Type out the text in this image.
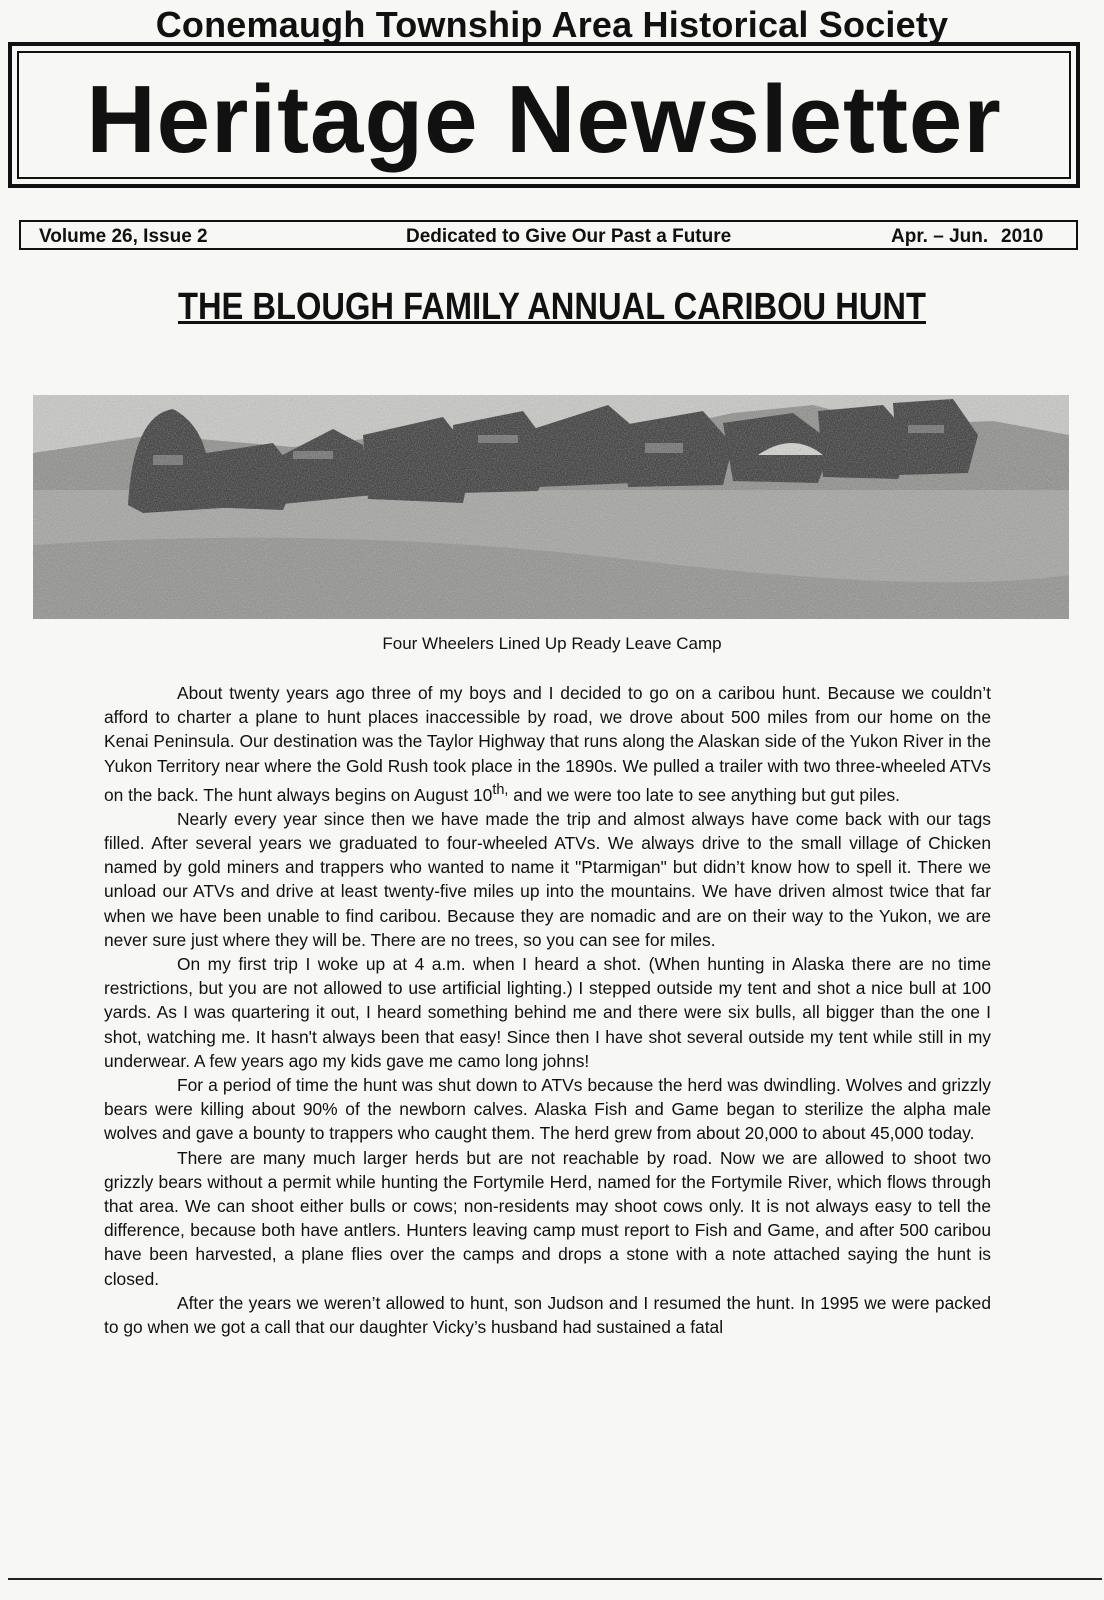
Conemaugh Township Area Historical Society
Heritage Newsletter
Volume 26, Issue 2	Dedicated to Give Our Past a Future	Apr. – Jun. 2010
THE BLOUGH FAMILY ANNUAL CARIBOU HUNT
Four Wheelers Lined Up Ready Leave Camp

About twenty years ago three of my boys and I decided to go on a caribou hunt. Because we couldn’t afford to charter a plane to hunt places inaccessible by road, we drove about 500 miles from our home on the Kenai Peninsula. Our destination was the Taylor Highway that runs along the Alaskan side of the Yukon River in the Yukon Territory near where the Gold Rush took place in the 1890s. We pulled a trailer with two three-wheeled ATVs on the back. The hunt always begins on August $10^{th,}$ and we were too late to see anything but gut piles.

Nearly every year since then we have made the trip and almost always have come back with our tags filled. After several years we graduated to four-wheeled ATVs. We always drive to the small village of Chicken named by gold miners and trappers who wanted to name it "Ptarmigan" but didn’t know how to spell it. There we unload our ATVs and drive at least twenty-five miles up into the mountains. We have driven almost twice that far when we have been unable to find caribou. Because they are nomadic and are on their way to the Yukon, we are never sure just where they will be. There are no trees, so you can see for miles.

On my first trip I woke up at 4 a.m. when I heard a shot. (When hunting in Alaska there are no time restrictions, but you are not allowed to use artificial lighting.) I stepped outside my tent and shot a nice bull at 100 yards. As I was quartering it out, I heard something behind me and there were six bulls, all bigger than the one I shot, watching me. It hasn't always been that easy! Since then I have shot several outside my tent while still in my underwear. A few years ago my kids gave me camo long johns!

For a period of time the hunt was shut down to ATVs because the herd was dwindling. Wolves and grizzly bears were killing about 90% of the newborn calves. Alaska Fish and Game began to sterilize the alpha male wolves and gave a bounty to trappers who caught them. The herd grew from about 20,000 to about 45,000 today.

There are many much larger herds but are not reachable by road. Now we are allowed to shoot two grizzly bears without a permit while hunting the Fortymile Herd, named for the Fortymile River, which flows through that area. We can shoot either bulls or cows; non-residents may shoot cows only. It is not always easy to tell the difference, because both have antlers. Hunters leaving camp must report to Fish and Game, and after 500 caribou have been harvested, a plane flies over the camps and drops a stone with a note attached saying the hunt is closed.

After the years we weren’t allowed to hunt, son Judson and I resumed the hunt. In 1995 we were packed to go when we got a call that our daughter Vicky’s husband had sustained a fatal
